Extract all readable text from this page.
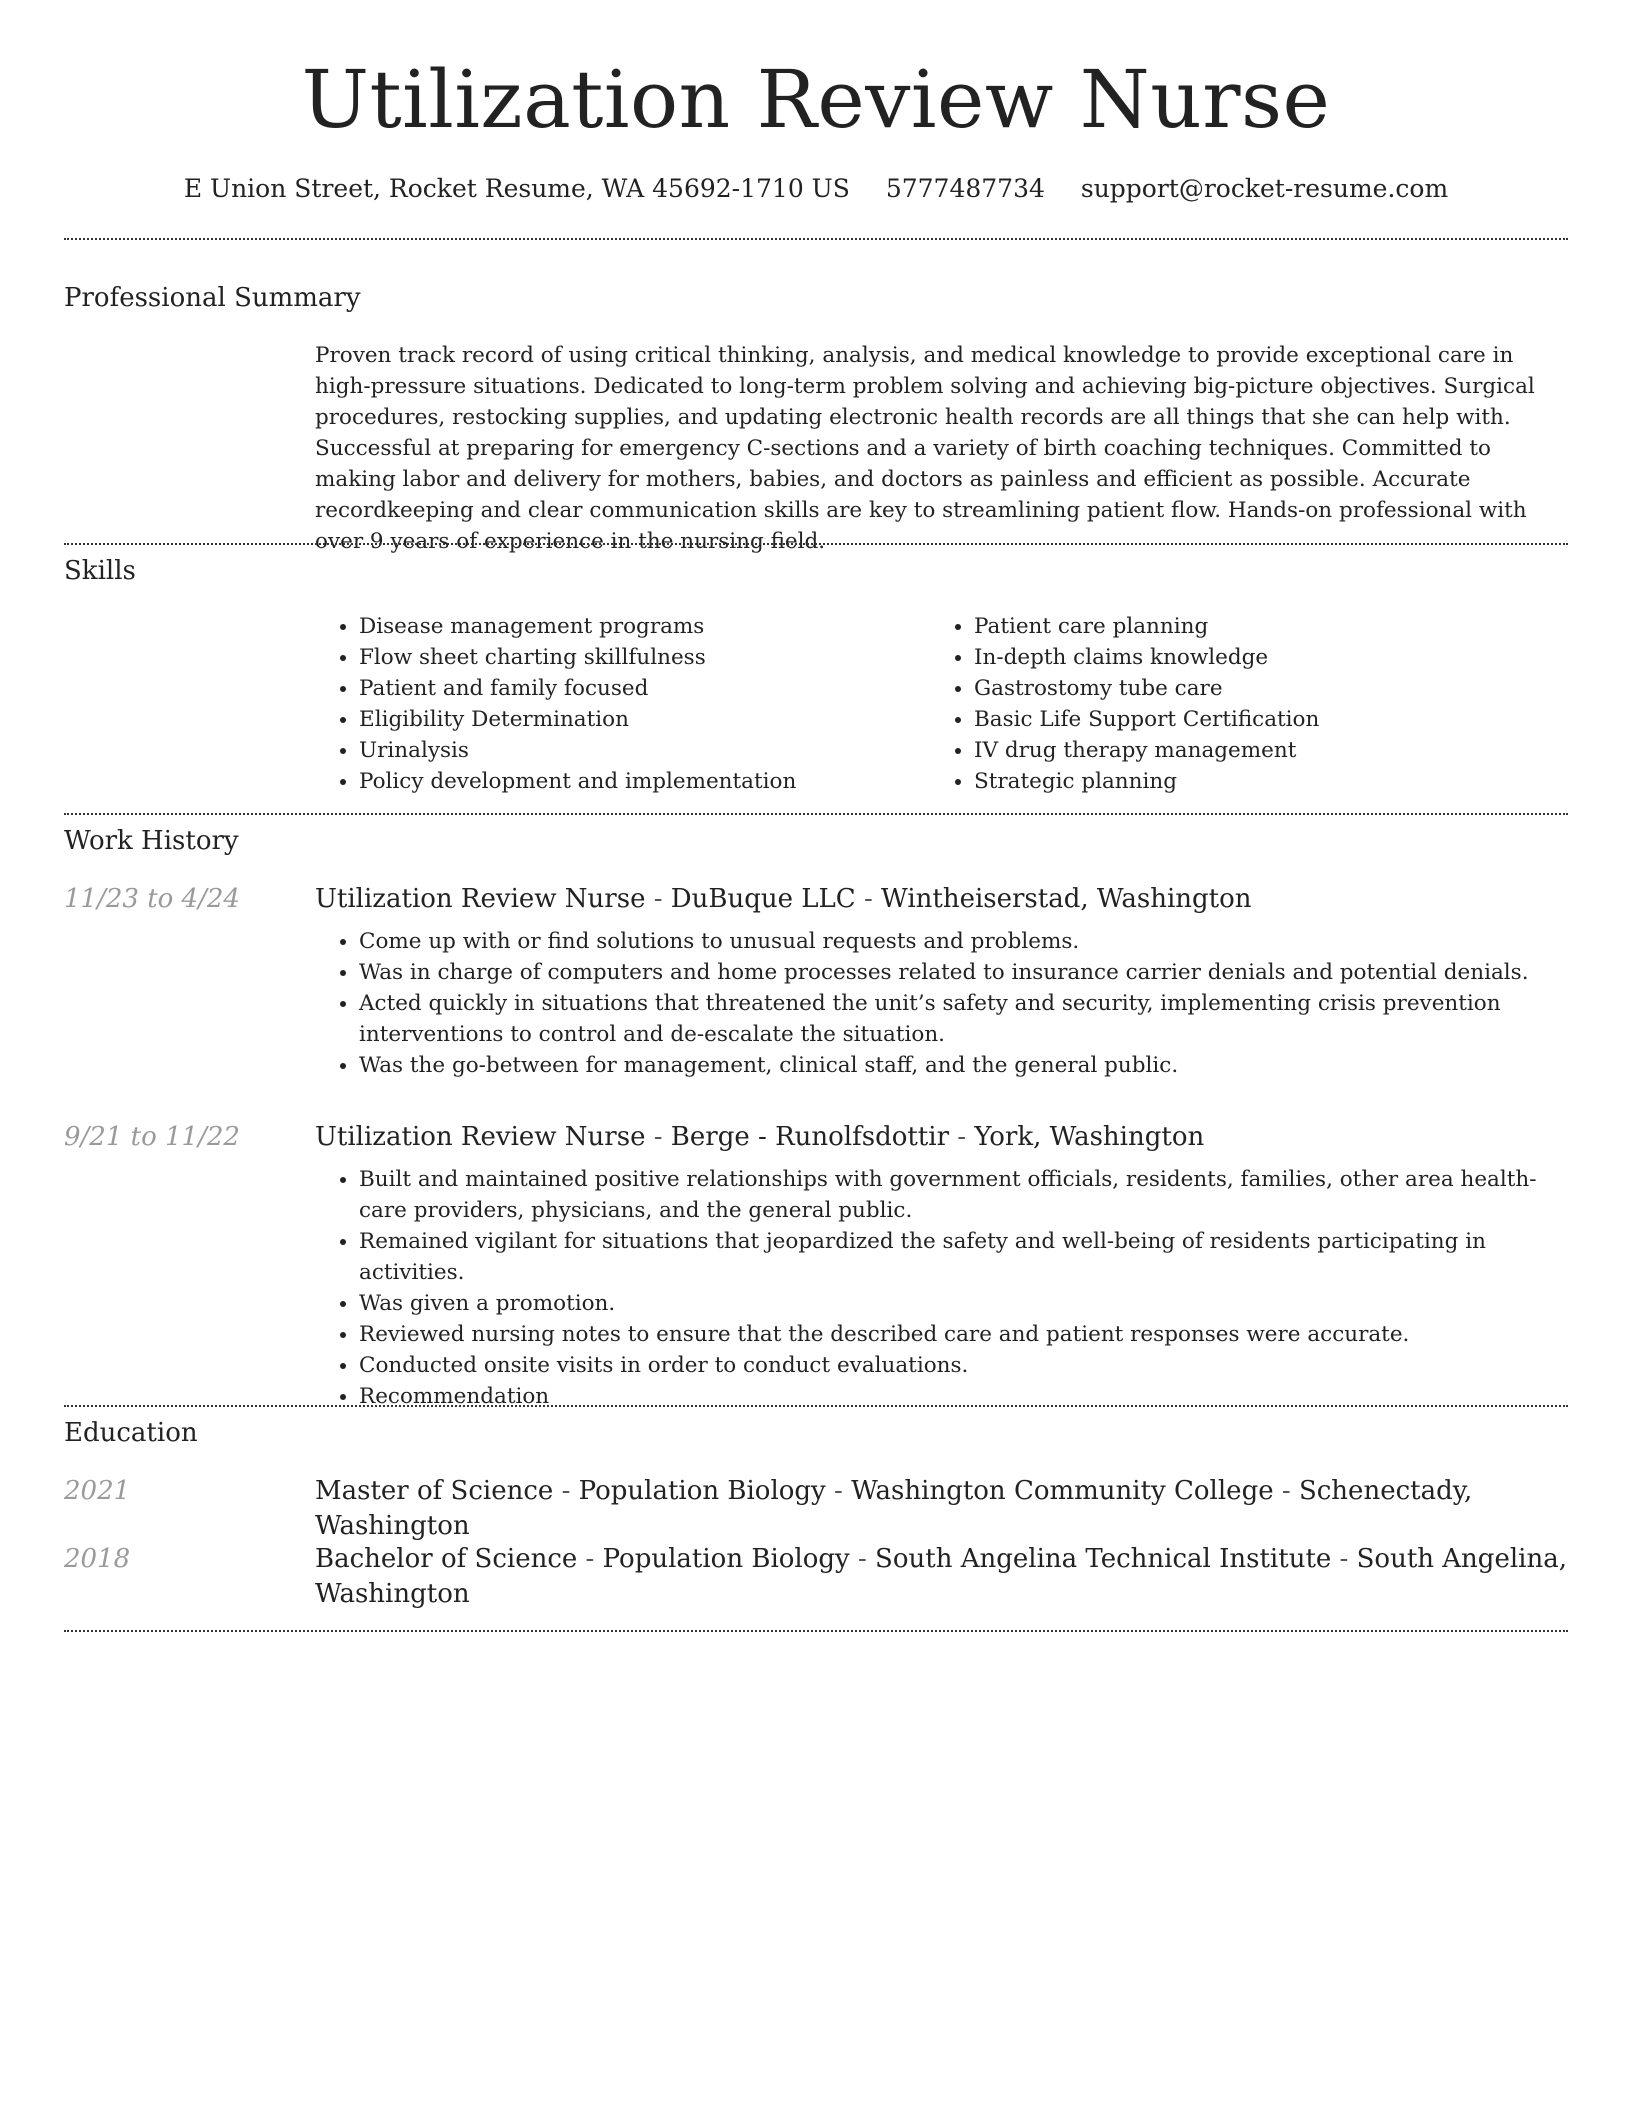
Utilization Review Nurse
E Union Street, Rocket Resume, WA 45692-1710 US 5777487734 support@rocket-resume.com
Professional Summary

Proven track record of using critical thinking, analysis, and medical knowledge to provide exceptional care in high-pressure situations. Dedicated to long-term problem solving and achieving big-picture objectives. Surgical procedures, restocking supplies, and updating electronic health records are all things that she can help with. Successful at preparing for emergency C-sections and a variety of birth coaching techniques. Committed to making labor and delivery for mothers, babies, and doctors as painless and efficient as possible. Accurate recordkeeping and clear communication skills are key to streamlining patient flow. Hands-on professional with over 9 years of experience in the nursing field.

Skills
• Disease management programs
• Flow sheet charting skillfulness
• Patient and family focused
• Eligibility Determination
• Urinalysis
• Policy development and implementation
• Patient care planning
• In-depth claims knowledge
• Gastrostomy tube care
• Basic Life Support Certification
• IV drug therapy management
• Strategic planning
Work History
11/23 to 4/24	Utilization Review Nurse - DuBuque LLC - Wintheiserstad, Washington
• Come up with or find solutions to unusual requests and problems.
• Was in charge of computers and home processes related to insurance carrier denials and potential denials.
• Acted quickly in situations that threatened the unit’s safety and security, implementing crisis prevention interventions to control and de-escalate the situation.
• Was the go-between for management, clinical staff, and the general public.
9/21 to 11/22	Utilization Review Nurse - Berge - Runolfsdottir - York, Washington
• Built and maintained positive relationships with government officials, residents, families, other area health-care providers, physicians, and the general public.
• Remained vigilant for situations that jeopardized the safety and well-being of residents participating in activities.
• Was given a promotion.
• Reviewed nursing notes to ensure that the described care and patient responses were accurate.
• Conducted onsite visits in order to conduct evaluations.
• Recommendation
Education
2021	Master of Science - Population Biology - Washington Community College - Schenectady, Washington
2018	Bachelor of Science - Population Biology - South Angelina Technical Institute - South Angelina, Washington
